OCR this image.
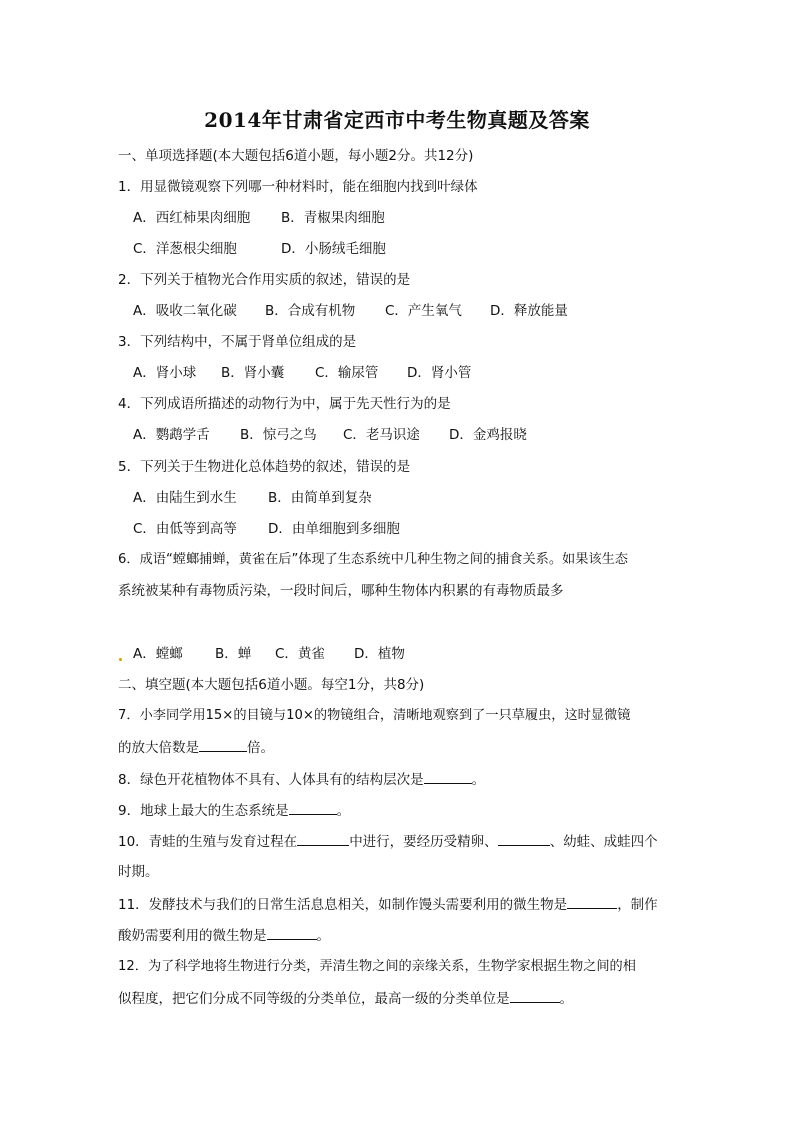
2014年甘肃省定西市中考生物真题及答案
一、单项选择题(本大题包括6道小题，每小题2分。共12分)
1．用显微镜观察下列哪一种材料时，能在细胞内找到叶绿体
A．西红柿果肉细胞 B．青椒果肉细胞
C．洋葱根尖细胞	D．小肠绒毛细胞
2．下列关于植物光合作用实质的叙述，错误的是
A．吸收二氧化碳 B．合成有机物 C．产生氧气 D．释放能量
3．下列结构中，不属于肾单位组成的是
A．肾小球 B．肾小囊 C．输尿管 D．肾小管
4．下列成语所描述的动物行为中，属于先天性行为的是
A．鹦鹉学舌 B．惊弓之鸟 C．老马识途 D．金鸡报晓
5．下列关于生物进化总体趋势的叙述，错误的是
A．由陆生到水生 B．由简单到复杂
C．由低等到高等 D．由单细胞到多细胞
6．成语“螳螂捕蝉，黄雀在后”体现了生态系统中几种生物之间的捕食关系。如果该生态
系统被某种有毒物质污染，一段时间后，哪种生物体内积累的有毒物质最多
A．螳螂 B．蝉 C．黄雀 D．植物
二、填空题(本大题包括6道小题。每空1分，共8分)
7．小李同学用15×的目镜与10×的物镜组合，清晰地观察到了一只草履虫，这时显微镜
的放大倍数是	倍。
8．绿色开花植物体不具有、人体具有的结构层次是	。
9．地球上最大的生态系统是	。
10．青蛙的生殖与发育过程在	中进行，要经历受精卵、	、幼蛙、成蛙四个
时期。
11．发酵技术与我们的日常生活息息相关，如制作馒头需要利用的微生物是	，制作
酸奶需要利用的微生物是	。
12．为了科学地将生物进行分类，弄清生物之间的亲缘关系，生物学家根据生物之间的相
似程度，把它们分成不同等级的分类单位，最高一级的分类单位是	。
